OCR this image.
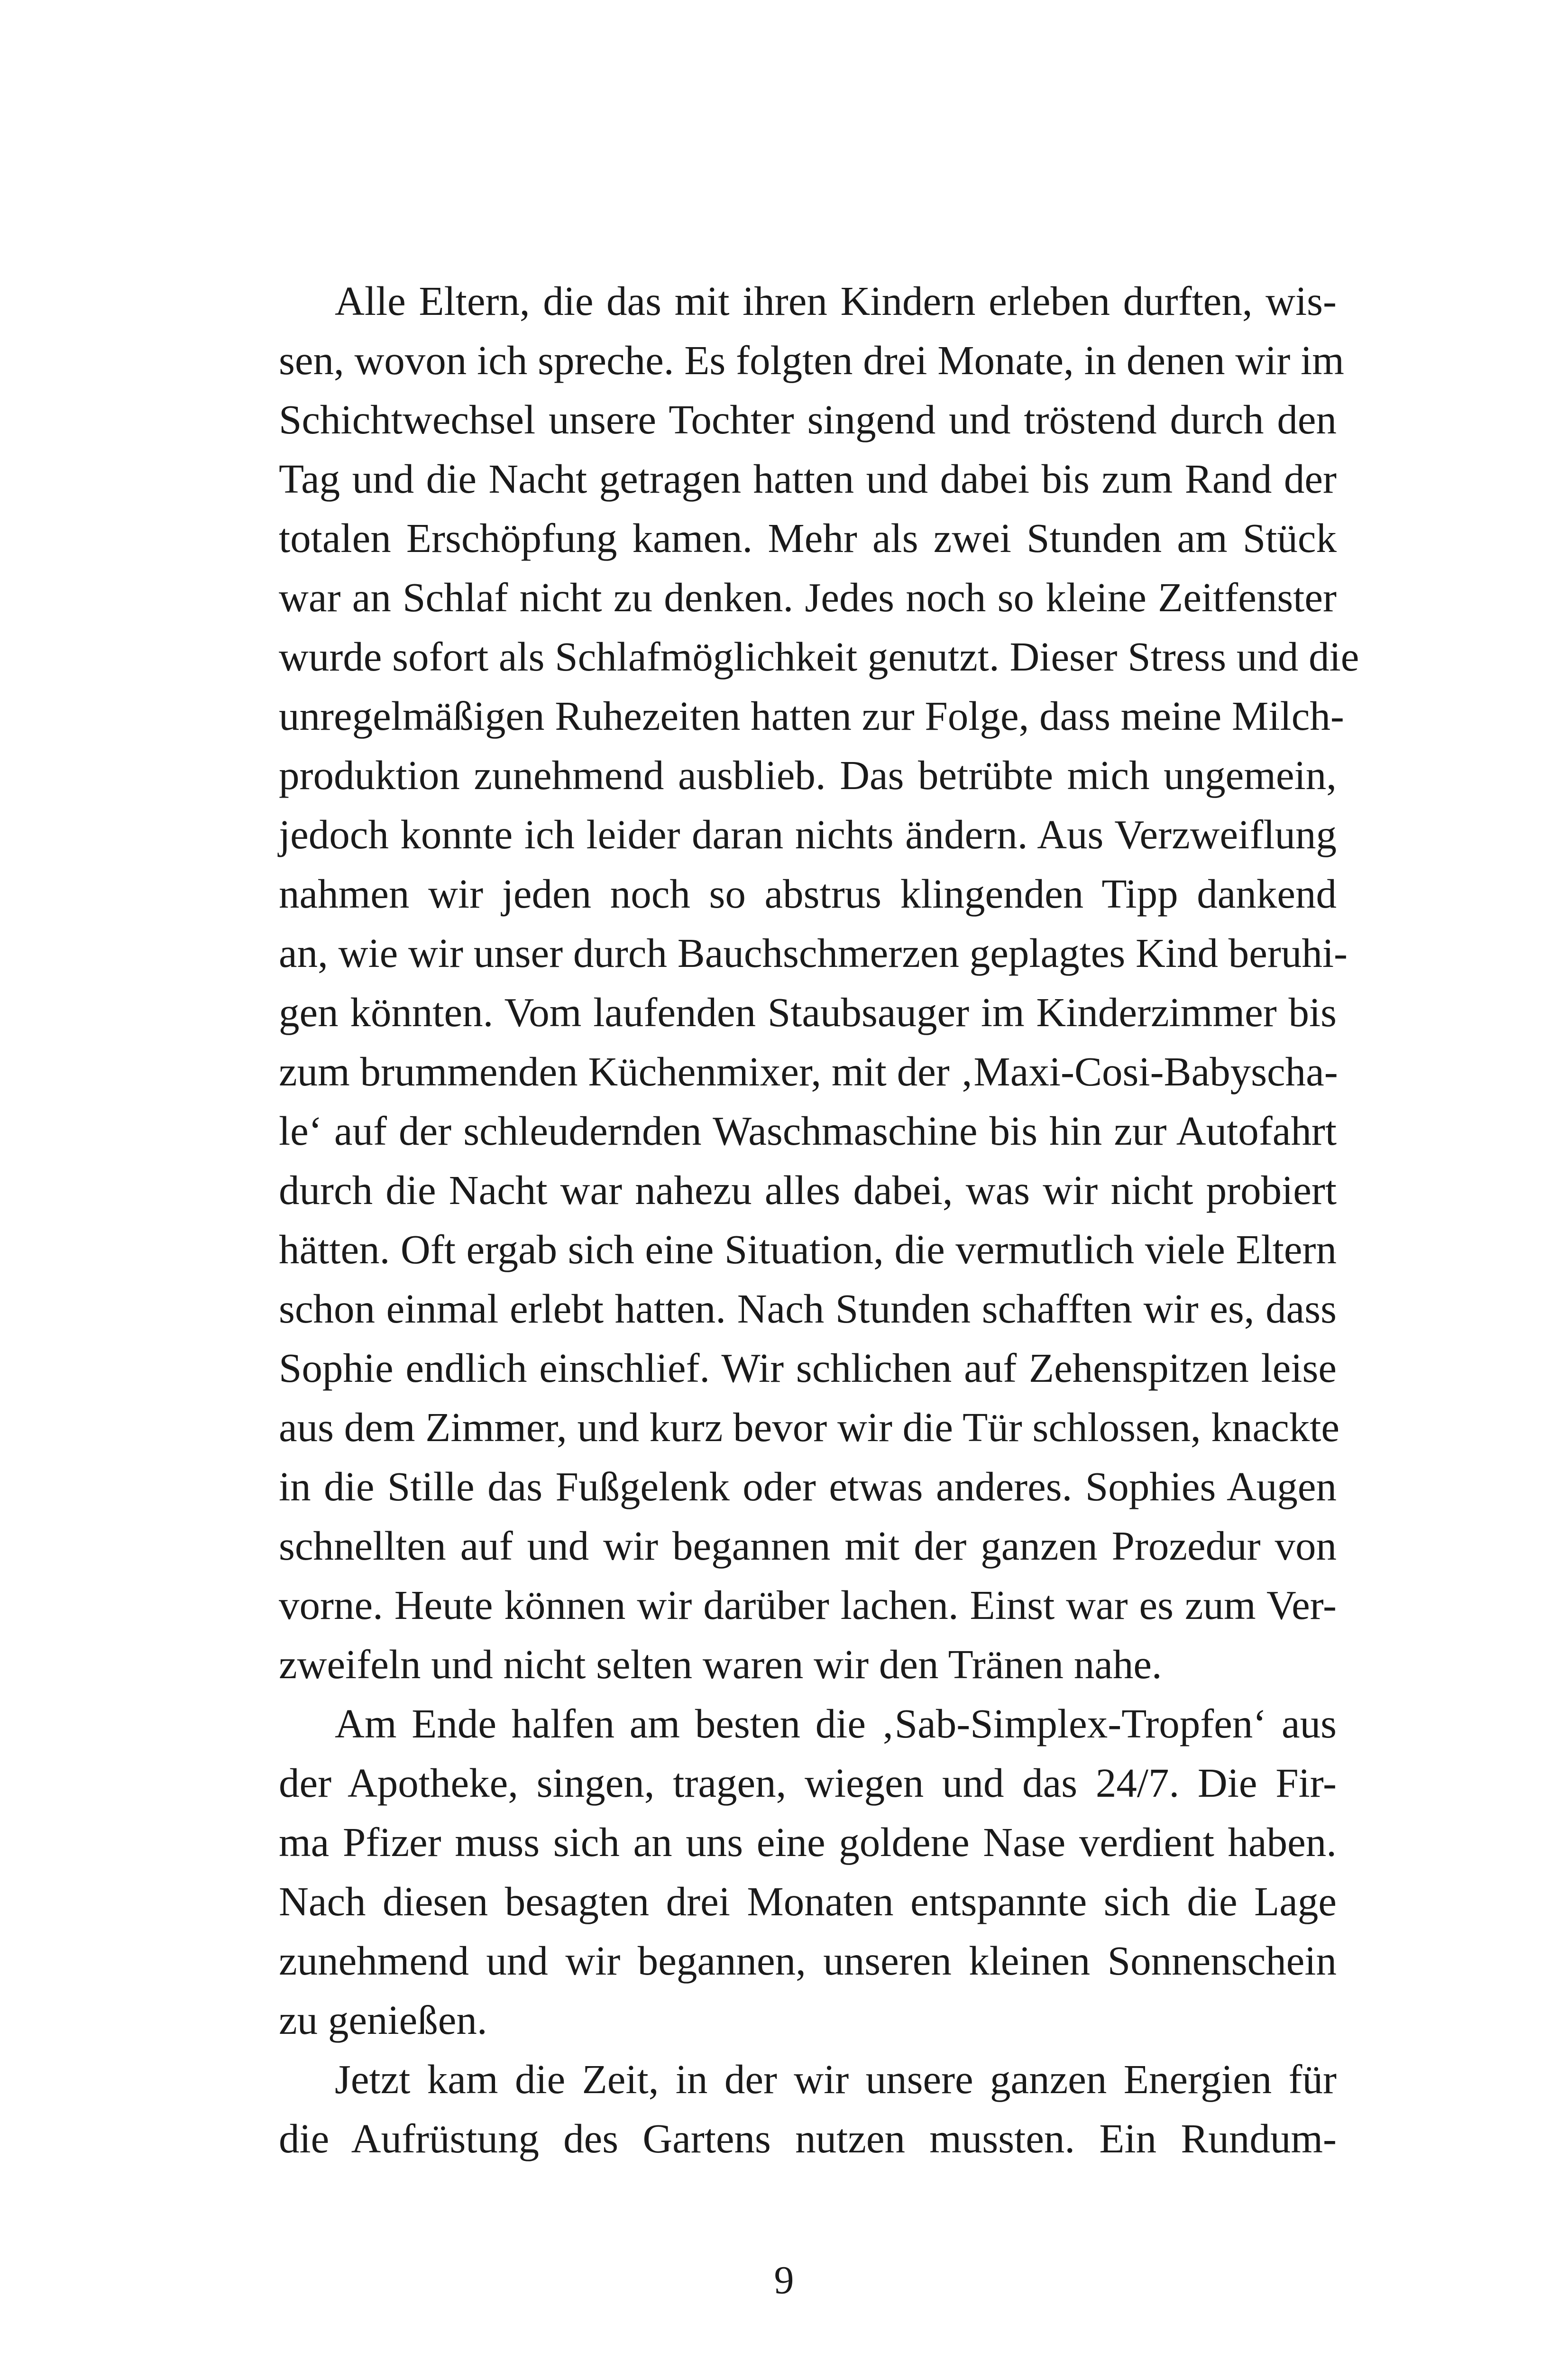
Alle Eltern, die das mit ihren Kindern erleben durften, wis-
sen, wovon ich spreche. Es folgten drei Monate, in denen wir im
Schichtwechsel unsere Tochter singend und tröstend durch den
Tag und die Nacht getragen hatten und dabei bis zum Rand der
totalen Erschöpfung kamen. Mehr als zwei Stunden am Stück
war an Schlaf nicht zu denken. Jedes noch so kleine Zeitfenster
wurde sofort als Schlafmöglichkeit genutzt. Dieser Stress und die
unregelmäßigen Ruhezeiten hatten zur Folge, dass meine Milch-
produktion zunehmend ausblieb. Das betrübte mich ungemein,
jedoch konnte ich leider daran nichts ändern. Aus Verzweiflung
nahmen wir jeden noch so abstrus klingenden Tipp dankend
an, wie wir unser durch Bauchschmerzen geplagtes Kind beruhi-
gen könnten. Vom laufenden Staubsauger im Kinderzimmer bis
zum brummenden Küchenmixer, mit der ‚Maxi-Cosi-Babyscha-
le‘ auf der schleudernden Waschmaschine bis hin zur Autofahrt
durch die Nacht war nahezu alles dabei, was wir nicht probiert
hätten. Oft ergab sich eine Situation, die vermutlich viele Eltern
schon einmal erlebt hatten. Nach Stunden schafften wir es, dass
Sophie endlich einschlief. Wir schlichen auf Zehenspitzen leise
aus dem Zimmer, und kurz bevor wir die Tür schlossen, knackte
in die Stille das Fußgelenk oder etwas anderes. Sophies Augen
schnellten auf und wir begannen mit der ganzen Prozedur von
vorne. Heute können wir darüber lachen. Einst war es zum Ver-
zweifeln und nicht selten waren wir den Tränen nahe.
Am Ende halfen am besten die ‚Sab-Simplex-Tropfen‘ aus
der Apotheke, singen, tragen, wiegen und das 24/7. Die Fir-
ma Pfizer muss sich an uns eine goldene Nase verdient haben.
Nach diesen besagten drei Monaten entspannte sich die Lage
zunehmend und wir begannen, unseren kleinen Sonnenschein
zu genießen.
Jetzt kam die Zeit, in der wir unsere ganzen Energien für
die Aufrüstung des Gartens nutzen mussten. Ein Rundum-
9
